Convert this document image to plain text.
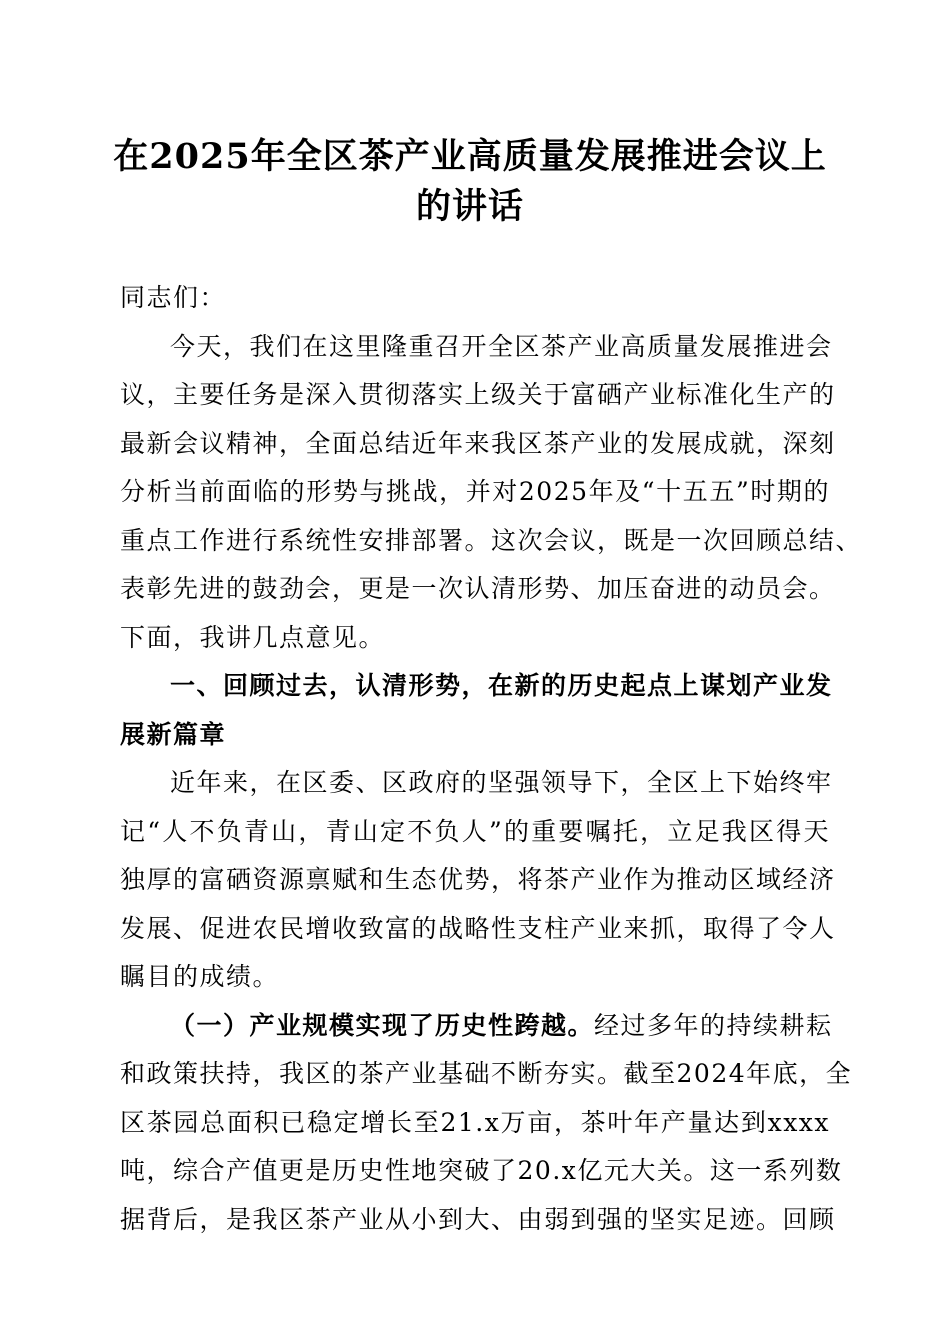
在2025年全区茶产业高质量发展推进会议上
的讲话
同志们：
今天，我们在这里隆重召开全区茶产业高质量发展推进会
议，主要任务是深入贯彻落实上级关于富硒产业标准化生产的
最新会议精神，全面总结近年来我区茶产业的发展成就，深刻
分析当前面临的形势与挑战，并对2025年及“十五五”时期的
重点工作进行系统性安排部署。这次会议，既是一次回顾总结、
表彰先进的鼓劲会，更是一次认清形势、加压奋进的动员会。
下面，我讲几点意见。
一、回顾过去，认清形势，在新的历史起点上谋划产业发
展新篇章
近年来，在区委、区政府的坚强领导下，全区上下始终牢
记“人不负青山，青山定不负人”的重要嘱托，立足我区得天
独厚的富硒资源禀赋和生态优势，将茶产业作为推动区域经济
发展、促进农民增收致富的战略性支柱产业来抓，取得了令人
瞩目的成绩。
（一）产业规模实现了历史性跨越。经过多年的持续耕耘
和政策扶持，我区的茶产业基础不断夯实。截至2024年底，全
区茶园总面积已稳定增长至21.x万亩，茶叶年产量达到xxxx
吨，综合产值更是历史性地突破了20.x亿元大关。这一系列数
据背后，是我区茶产业从小到大、由弱到强的坚实足迹。回顾
